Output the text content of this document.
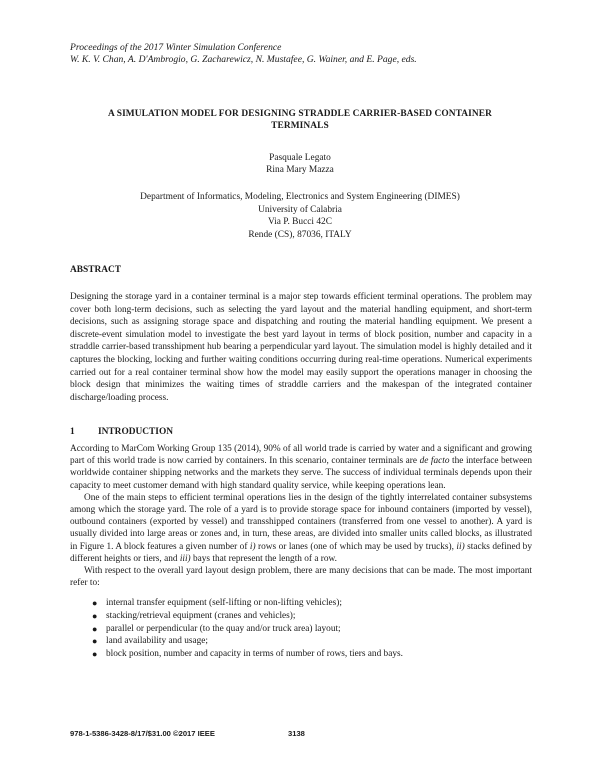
Proceedings of the 2017 Winter Simulation Conference
W. K. V. Chan, A. D'Ambrogio, G. Zacharewicz, N. Mustafee, G. Wainer, and E. Page, eds.
A SIMULATION MODEL FOR DESIGNING STRADDLE CARRIER-BASED CONTAINER
TERMINALS
Pasquale Legato
Rina Mary Mazza
Department of Informatics, Modeling, Electronics and System Engineering (DIMES)
University of Calabria
Via P. Bucci 42C
Rende (CS), 87036, ITALY
ABSTRACT
Designing the storage yard in a container terminal is a major step towards efficient terminal operations. The problem may cover both long-term decisions, such as selecting the yard layout and the material handling equipment, and short-term decisions, such as assigning storage space and dispatching and routing the material handling equipment. We present a discrete-event simulation model to investigate the best yard layout in terms of block position, number and capacity in a straddle carrier-based transshipment hub bearing a perpendicular yard layout. The simulation model is highly detailed and it captures the blocking, locking and further waiting conditions occurring during real-time operations. Numerical experiments carried out for a real container terminal show how the model may easily support the operations manager in choosing the block design that minimizes the waiting times of straddle carriers and the makespan of the integrated container discharge/loading process.
1 INTRODUCTION

According to MarCom Working Group 135 (2014), 90% of all world trade is carried by water and a significant and growing part of this world trade is now carried by containers. In this scenario, container terminals are de facto the interface between worldwide container shipping networks and the markets they serve. The success of individual terminals depends upon their capacity to meet customer demand with high standard quality service, while keeping operations lean.

One of the main steps to efficient terminal operations lies in the design of the tightly interrelated container subsystems among which the storage yard. The role of a yard is to provide storage space for inbound containers (imported by vessel), outbound containers (exported by vessel) and transshipped containers (transferred from one vessel to another). A yard is usually divided into large areas or zones and, in turn, these areas, are divided into smaller units called blocks, as illustrated in Figure 1. A block features a given number of i) rows or lanes (one of which may be used by trucks), ii) stacks defined by different heights or tiers, and iii) bays that represent the length of a row.

With respect to the overall yard layout design problem, there are many decisions that can be made. The most important refer to:

● internal transfer equipment (self-lifting or non-lifting vehicles);
● stacking/retrieval equipment (cranes and vehicles);
● parallel or perpendicular (to the quay and/or truck area) layout;
● land availability and usage;
● block position, number and capacity in terms of number of rows, tiers and bays.
978-1-5386-3428-8/17/$31.00 ©2017 IEEE	3138
